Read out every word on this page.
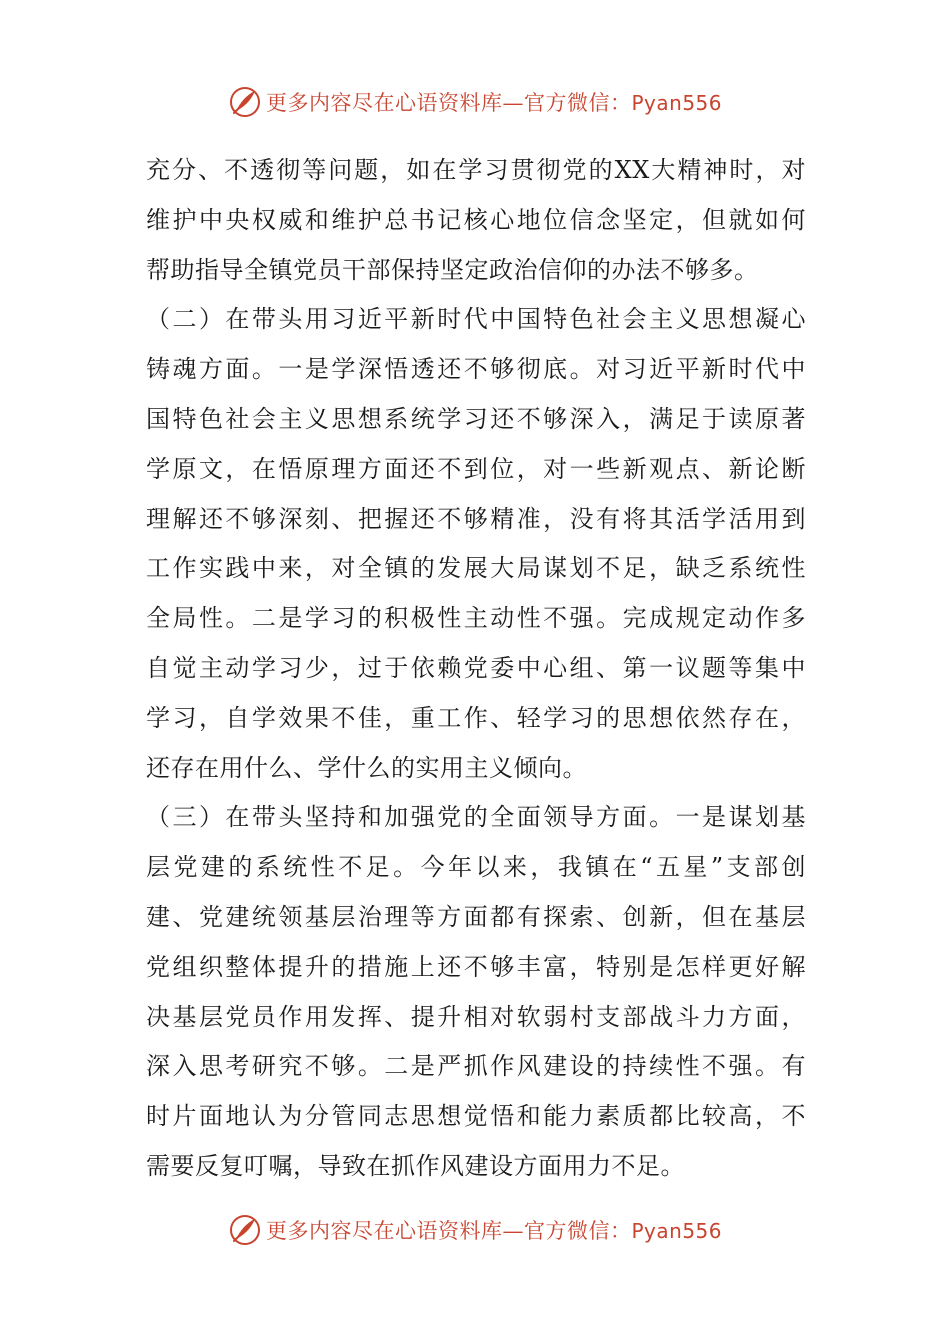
更多内容尽在心语资料库—官方微信：Pyan556
充分、不透彻等问题，如在学习贯彻党的XX大精神时，对
维护中央权威和维护总书记核心地位信念坚定，但就如何
帮助指导全镇党员干部保持坚定政治信仰的办法不够多。
（二）在带头用习近平新时代中国特色社会主义思想凝心
铸魂方面。一是学深悟透还不够彻底。对习近平新时代中
国特色社会主义思想系统学习还不够深入，满足于读原著
学原文，在悟原理方面还不到位，对一些新观点、新论断
理解还不够深刻、把握还不够精准，没有将其活学活用到
工作实践中来，对全镇的发展大局谋划不足，缺乏系统性
全局性。二是学习的积极性主动性不强。完成规定动作多
自觉主动学习少，过于依赖党委中心组、第一议题等集中
学习，自学效果不佳，重工作、轻学习的思想依然存在，
还存在用什么、学什么的实用主义倾向。
（三）在带头坚持和加强党的全面领导方面。一是谋划基
层党建的系统性不足。今年以来，我镇在“五星”支部创
建、党建统领基层治理等方面都有探索、创新，但在基层
党组织整体提升的措施上还不够丰富，特别是怎样更好解
决基层党员作用发挥、提升相对软弱村支部战斗力方面，
深入思考研究不够。二是严抓作风建设的持续性不强。有
时片面地认为分管同志思想觉悟和能力素质都比较高，不
需要反复叮嘱，导致在抓作风建设方面用力不足。
更多内容尽在心语资料库—官方微信：Pyan556
